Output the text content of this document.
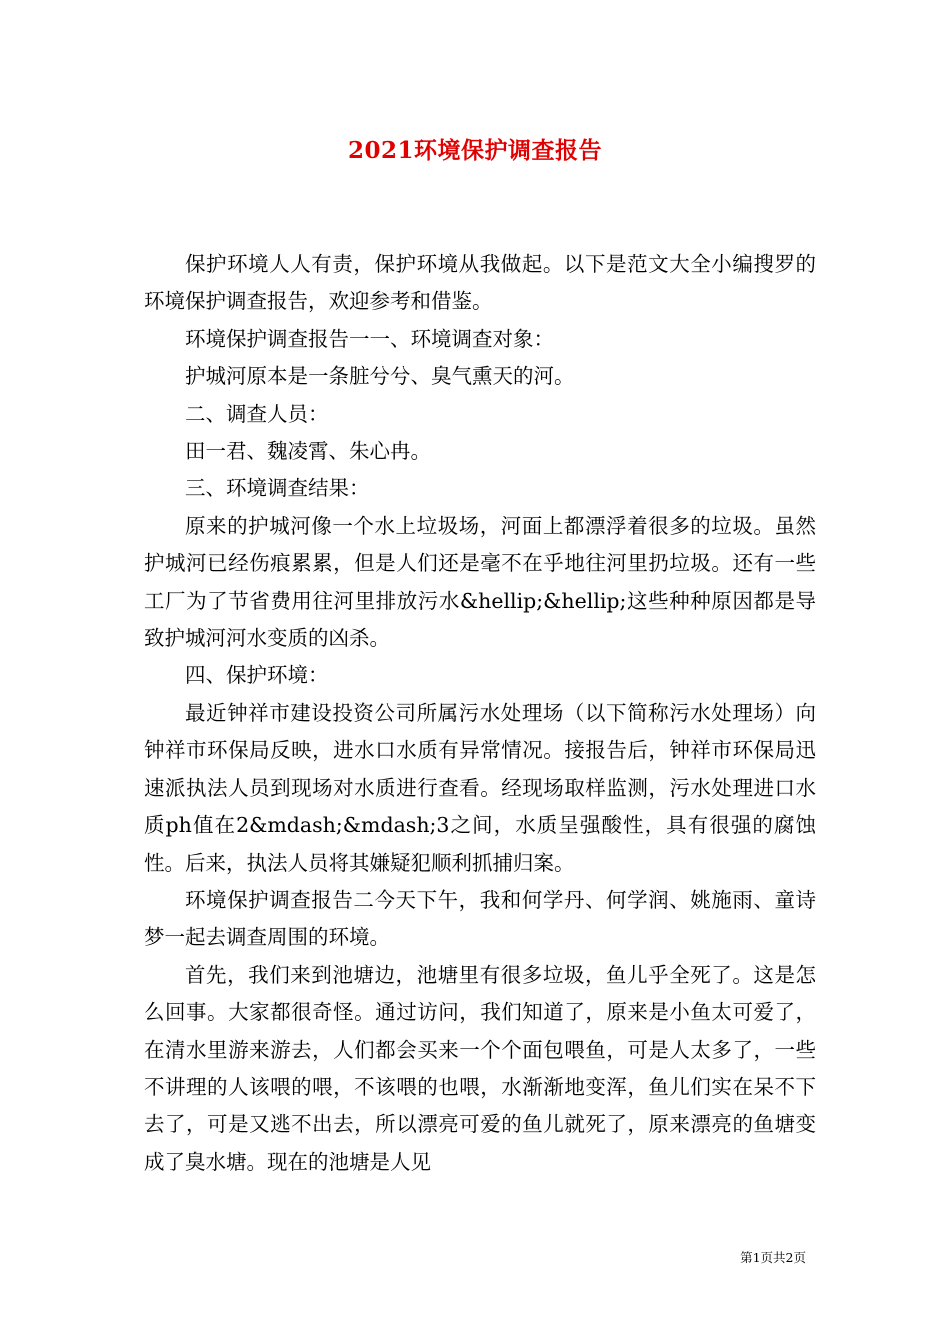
2021环境保护调查报告

保护环境人人有责，保护环境从我做起。以下是范文大全小编搜罗的环境保护调查报告，欢迎参考和借鉴。

环境保护调查报告一一、环境调查对象：

护城河原本是一条脏兮兮、臭气熏天的河。

二、调查人员：

田一君、魏凌霄、朱心冉。

三、环境调查结果：

原来的护城河像一个水上垃圾场，河面上都漂浮着很多的垃圾。虽然护城河已经伤痕累累，但是人们还是毫不在乎地往河里扔垃圾。还有一些工厂为了节省费用往河里排放污水&hellip;&hellip;这些种种原因都是导致护城河河水变质的凶杀。

四、保护环境：

最近钟祥市建设投资公司所属污水处理场（以下简称污水处理场）向钟祥市环保局反映，进水口水质有异常情况。接报告后，钟祥市环保局迅速派执法人员到现场对水质进行查看。经现场取样监测，污水处理进口水质ph值在2&mdash;&mdash;3之间，水质呈强酸性，具有很强的腐蚀性。后来，执法人员将其嫌疑犯顺利抓捕归案。

环境保护调查报告二今天下午，我和何学丹、何学润、姚施雨、童诗梦一起去调查周围的环境。

首先，我们来到池塘边，池塘里有很多垃圾，鱼儿乎全死了。这是怎么回事。大家都很奇怪。通过访问，我们知道了，原来是小鱼太可爱了，在清水里游来游去，人们都会买来一个个面包喂鱼，可是人太多了，一些不讲理的人该喂的喂，不该喂的也喂，水渐渐地变浑，鱼儿们实在呆不下去了，可是又逃不出去，所以漂亮可爱的鱼儿就死了，原来漂亮的鱼塘变成了臭水塘。现在的池塘是人见

第1页共2页
